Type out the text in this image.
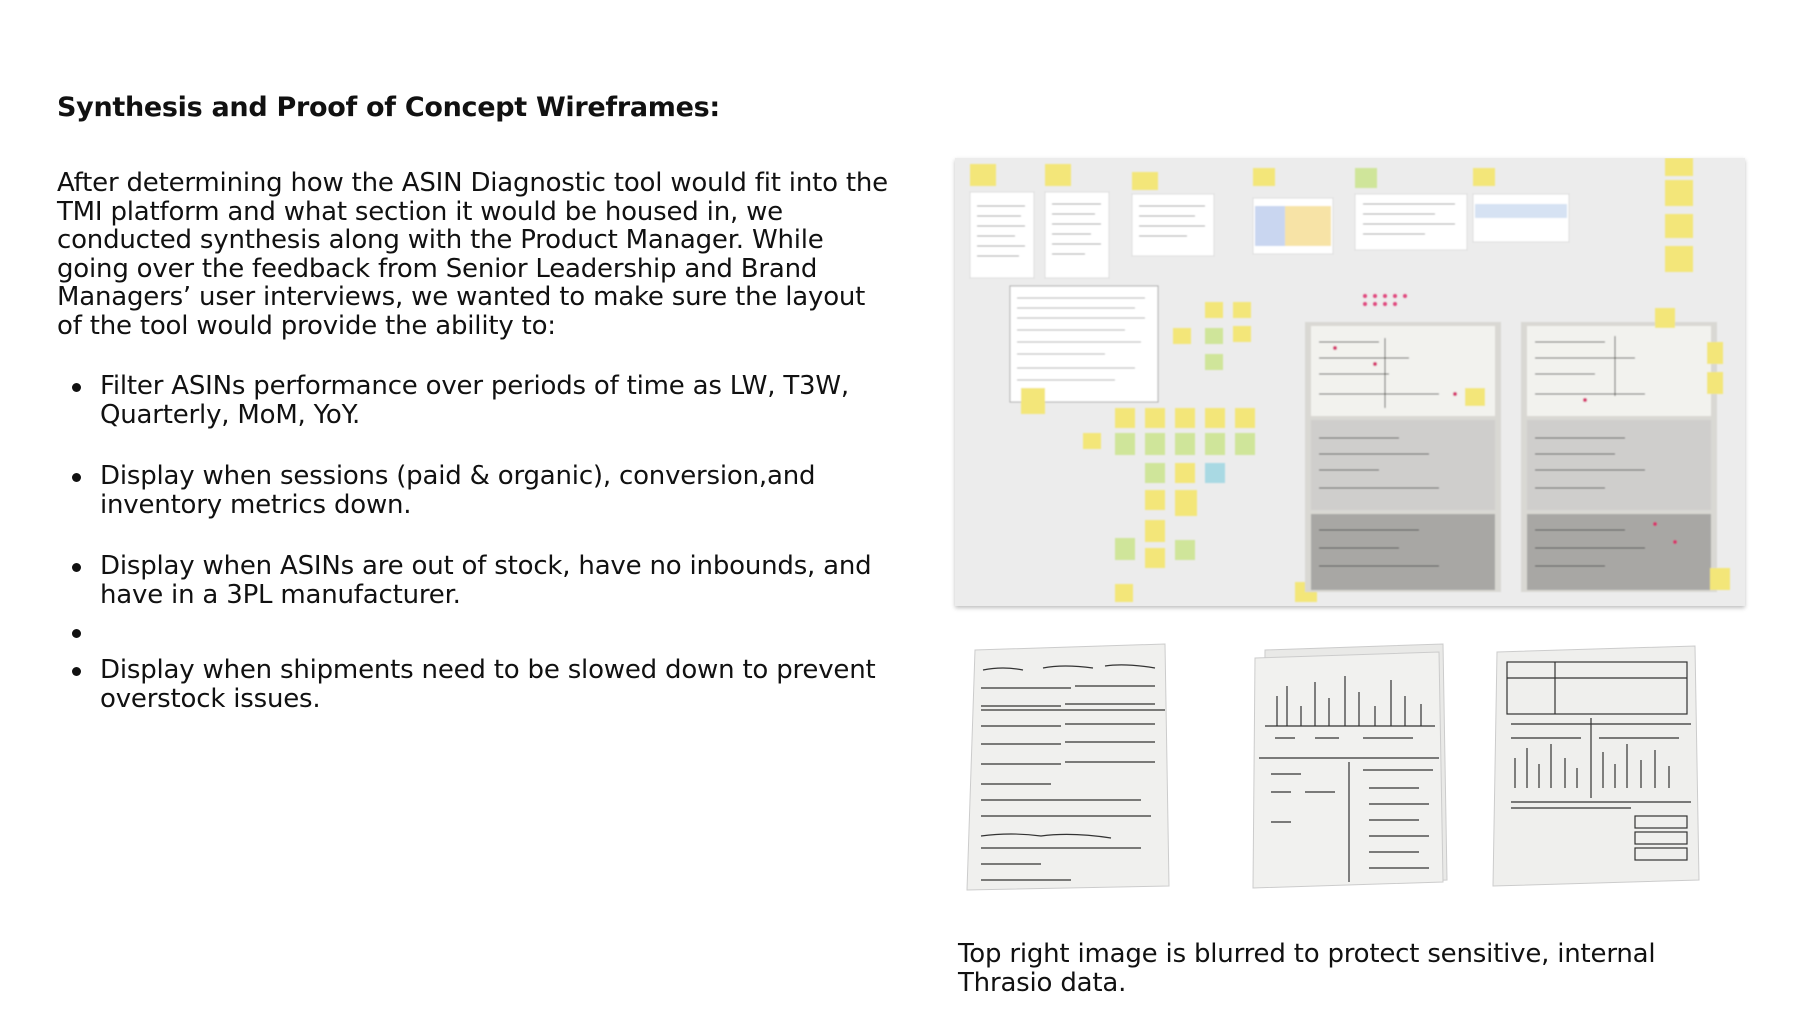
Synthesis and Proof of Concept Wireframes:

After determining how the ASIN Diagnostic tool would fit into the TMI platform and what section it would be housed in, we conducted synthesis along with the Product Manager. While going over the feedback from Senior Leadership and Brand Managers’ user interviews, we wanted to make sure the layout of the tool would provide the ability to:

Filter ASINs performance over periods of time as LW, T3W, Quarterly, MoM, YoY.
Display when sessions (paid & organic), conversion,and inventory metrics down.
Display when ASINs are out of stock, have no inbounds, and have in a 3PL manufacturer.
Display when shipments need to be slowed down to prevent overstock issues.
Top right image is blurred to protect sensitive, internal Thrasio data.
